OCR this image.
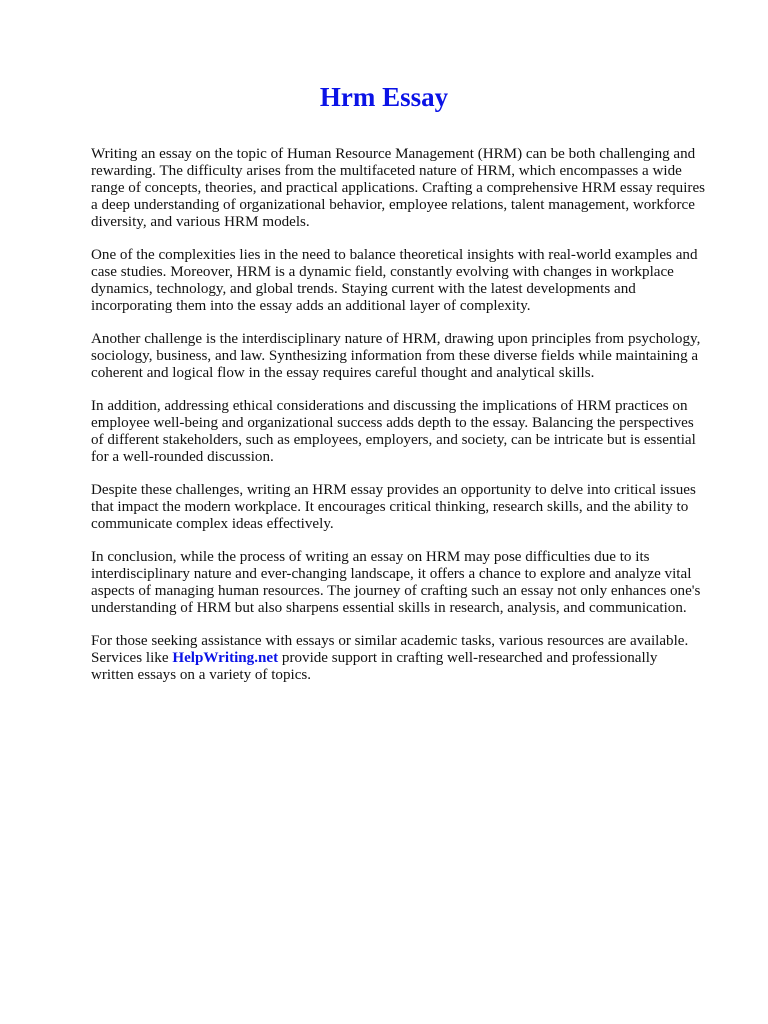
Hrm Essay

Writing an essay on the topic of Human Resource Management (HRM) can be both challenging and
rewarding. The difficulty arises from the multifaceted nature of HRM, which encompasses a wide
range of concepts, theories, and practical applications. Crafting a comprehensive HRM essay requires
a deep understanding of organizational behavior, employee relations, talent management, workforce
diversity, and various HRM models.

One of the complexities lies in the need to balance theoretical insights with real-world examples and
case studies. Moreover, HRM is a dynamic field, constantly evolving with changes in workplace
dynamics, technology, and global trends. Staying current with the latest developments and
incorporating them into the essay adds an additional layer of complexity.

Another challenge is the interdisciplinary nature of HRM, drawing upon principles from psychology,
sociology, business, and law. Synthesizing information from these diverse fields while maintaining a
coherent and logical flow in the essay requires careful thought and analytical skills.

In addition, addressing ethical considerations and discussing the implications of HRM practices on
employee well-being and organizational success adds depth to the essay. Balancing the perspectives
of different stakeholders, such as employees, employers, and society, can be intricate but is essential
for a well-rounded discussion.

Despite these challenges, writing an HRM essay provides an opportunity to delve into critical issues
that impact the modern workplace. It encourages critical thinking, research skills, and the ability to
communicate complex ideas effectively.

In conclusion, while the process of writing an essay on HRM may pose difficulties due to its
interdisciplinary nature and ever-changing landscape, it offers a chance to explore and analyze vital
aspects of managing human resources. The journey of crafting such an essay not only enhances one's
understanding of HRM but also sharpens essential skills in research, analysis, and communication.

For those seeking assistance with essays or similar academic tasks, various resources are available.
Services like HelpWriting.net provide support in crafting well-researched and professionally
written essays on a variety of topics.
